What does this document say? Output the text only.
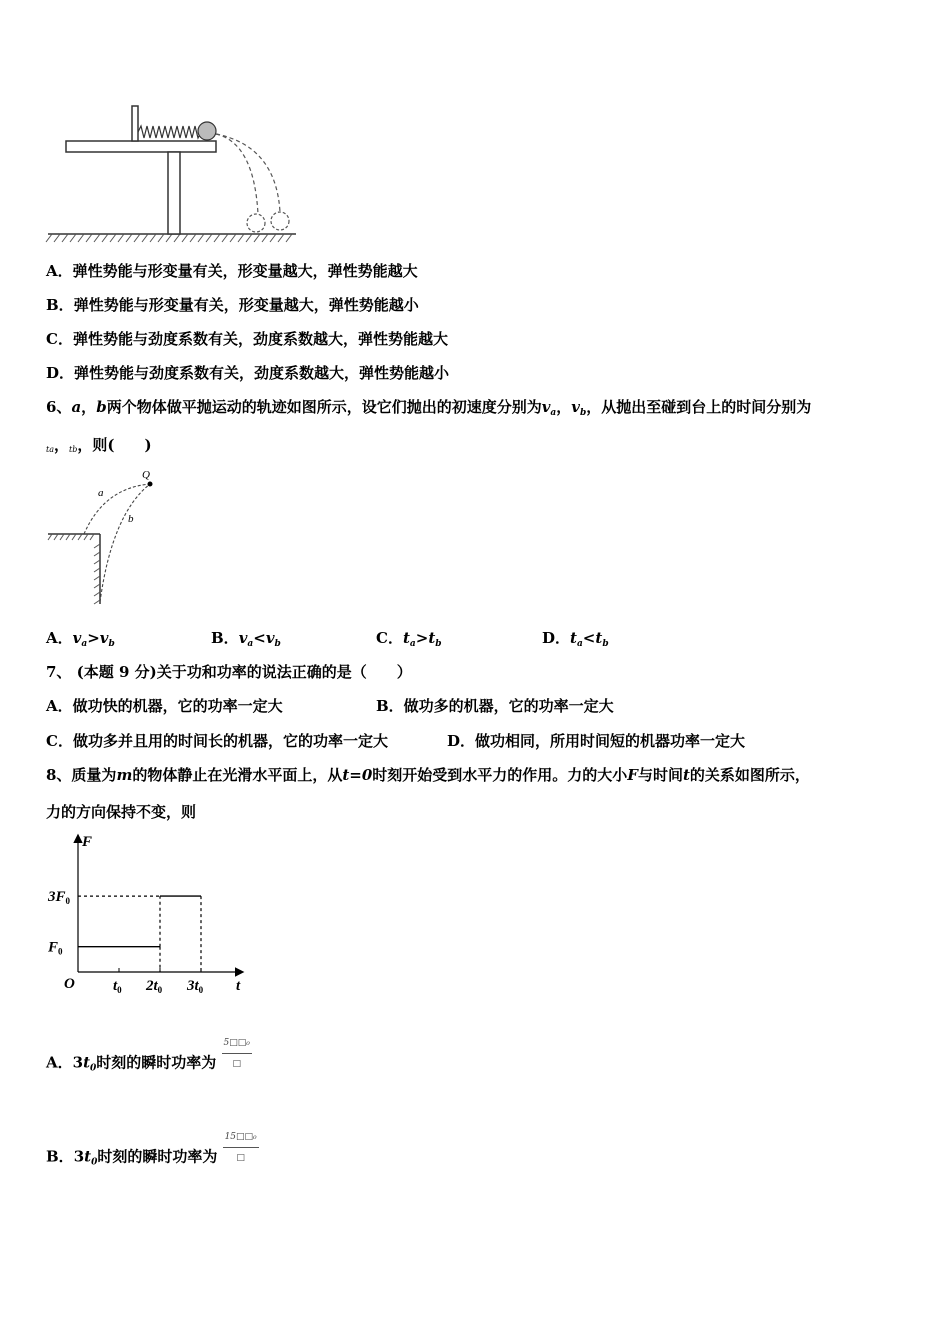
A．弹性势能与形变量有关，形变量越大，弹性势能越大
B．弹性势能与形变量有关，形变量越大，弹性势能越小
C．弹性势能与劲度系数有关，劲度系数越大，弹性势能越大
D．弹性势能与劲度系数有关，劲度系数越大，弹性势能越小
6、a，b两个物体做平抛运动的轨迹如图所示，设它们抛出的初速度分别为$v_a$，$v_b$，从抛出至碰到台上的时间分别为
ta，tb，则( )
Q
a
b
A．$v_a>v_b$	B．$v_a<v_b$	C．$t_a>t_b$	D．$t_a<t_b$
7、 (本题 9 分)关于功和功率的说法正确的是（　　）
A．做功快的机器，它的功率一定大	B．做功多的机器，它的功率一定大
C．做功多并且用的时间长的机器，它的功率一定大	D．做功相同，所用时间短的机器功率一定大
8、质量为m的物体静止在光滑水平面上，从t=0时刻开始受到水平力的作用。力的大小F与时间t的关系如图所示，
力的方向保持不变，则
F
t
O
$3F_0$
$F_0$
$t_0$ $2t_0$ $3t_0$
A．$3t_0$时刻的瞬时功率为 $\frac{\text{5□□₀}}{□}$
B．$3t_0$时刻的瞬时功率为 $\frac{\text{15□□₀}}{□}$
